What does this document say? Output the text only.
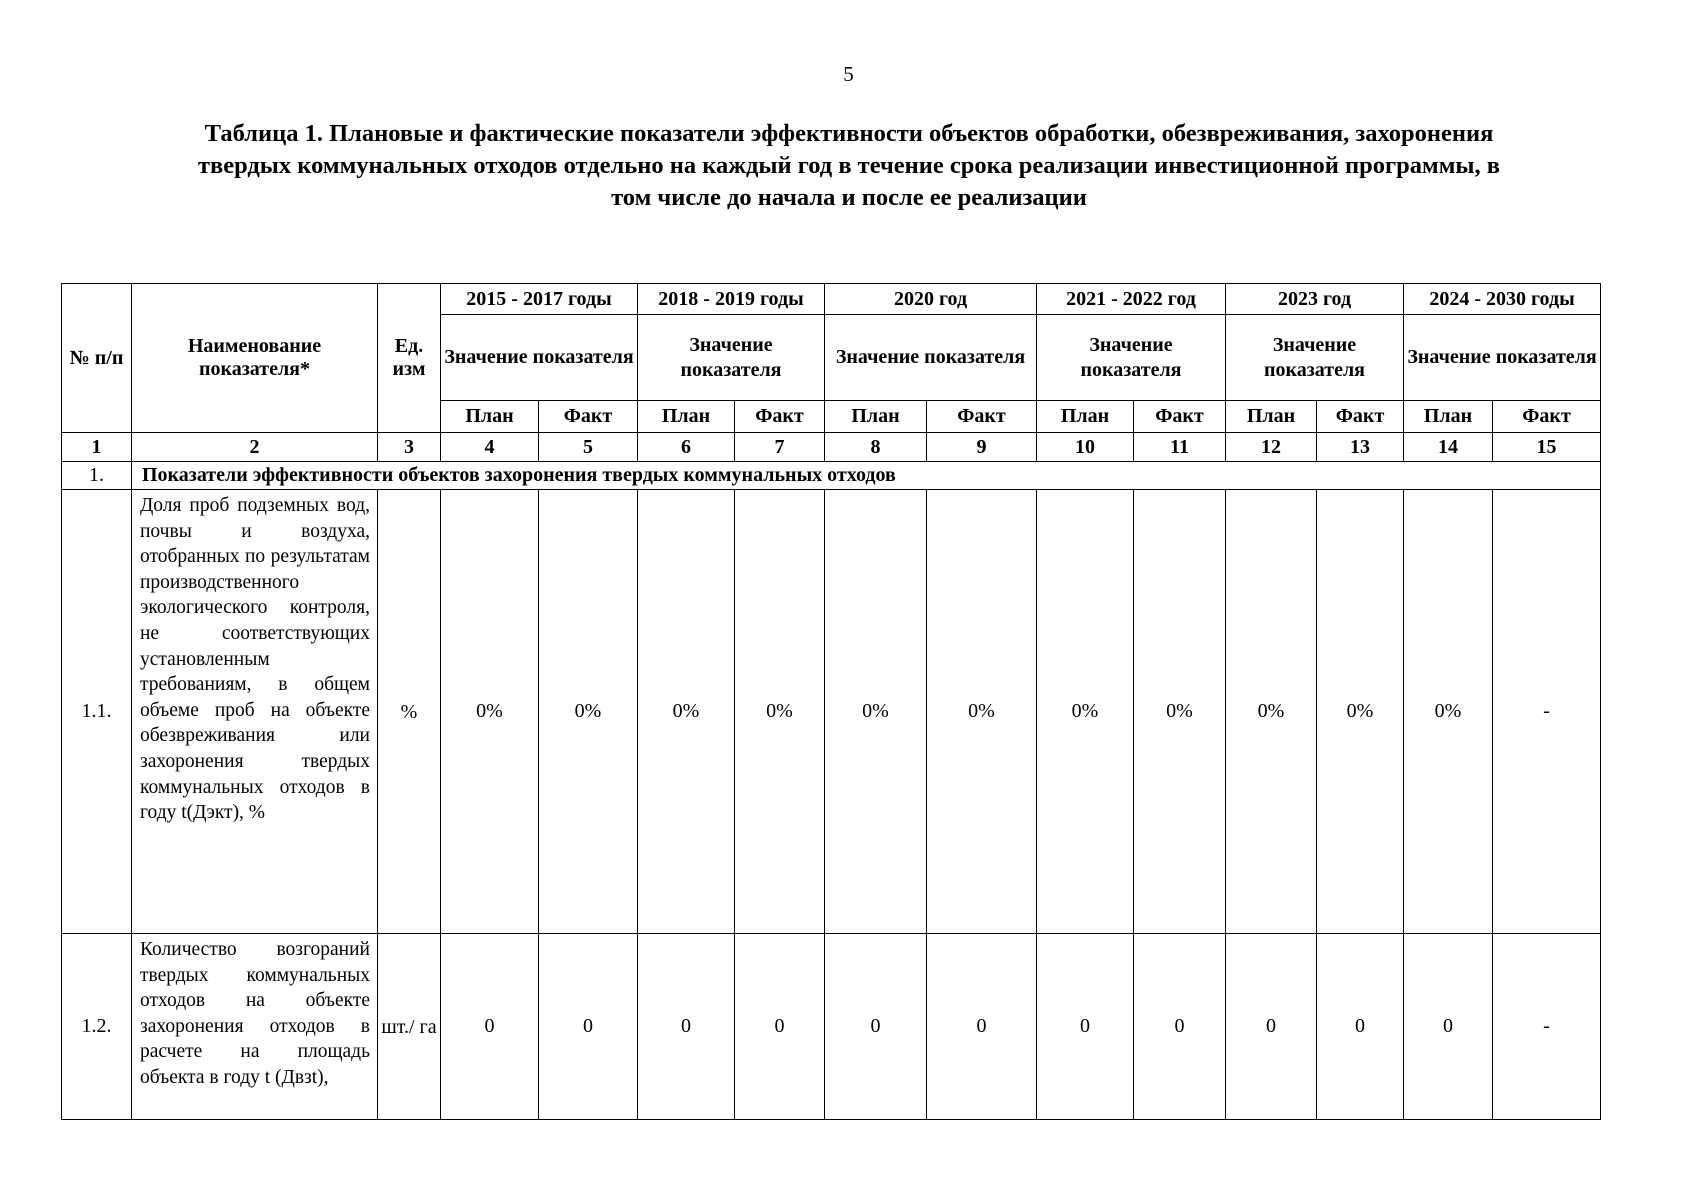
5
Таблица 1. Плановые и фактические показатели эффективности объектов обработки, обезвреживания, захоронения
твердых коммунальных отходов отдельно на каждый год в течение срока реализации инвестиционной программы, в
том числе до начала и после ее реализации
№ п/п	Наименование показателя*	Ед. изм	2015 - 2017 годы		2018 - 2019 годы		2020 год		2021 - 2022 год		2023 год		2024 - 2030 годы	
			Значение показателя		Значение показателя		Значение показателя		Значение показателя		Значение показателя		Значение показателя	
			План	Факт	План	Факт	План	Факт	План	Факт	План	Факт	План	Факт
1	2	3	4	5	6	7	8	9	10	11	12	13	14	15
1.	Показатели эффективности объектов захоронения твердых коммунальных отходов													
1.1.	Доля проб подземных вод, почвы и воздуха, отобранных по результатам производственного экологического контроля, не соответствующих установленным требованиям, в общем объеме проб на объекте обезвреживания или захоронения твердых коммунальных отходов в году t(Дэкт), %	%	0%	0%	0%	0%	0%	0%	0%	0%	0%	0%	0%	-
1.2.	Количество возгораний твердых коммунальных отходов на объекте захоронения отходов в расчете на площадь объекта в году t (Двзt),	шт./ га	0	0	0	0	0	0	0	0	0	0	0	-
